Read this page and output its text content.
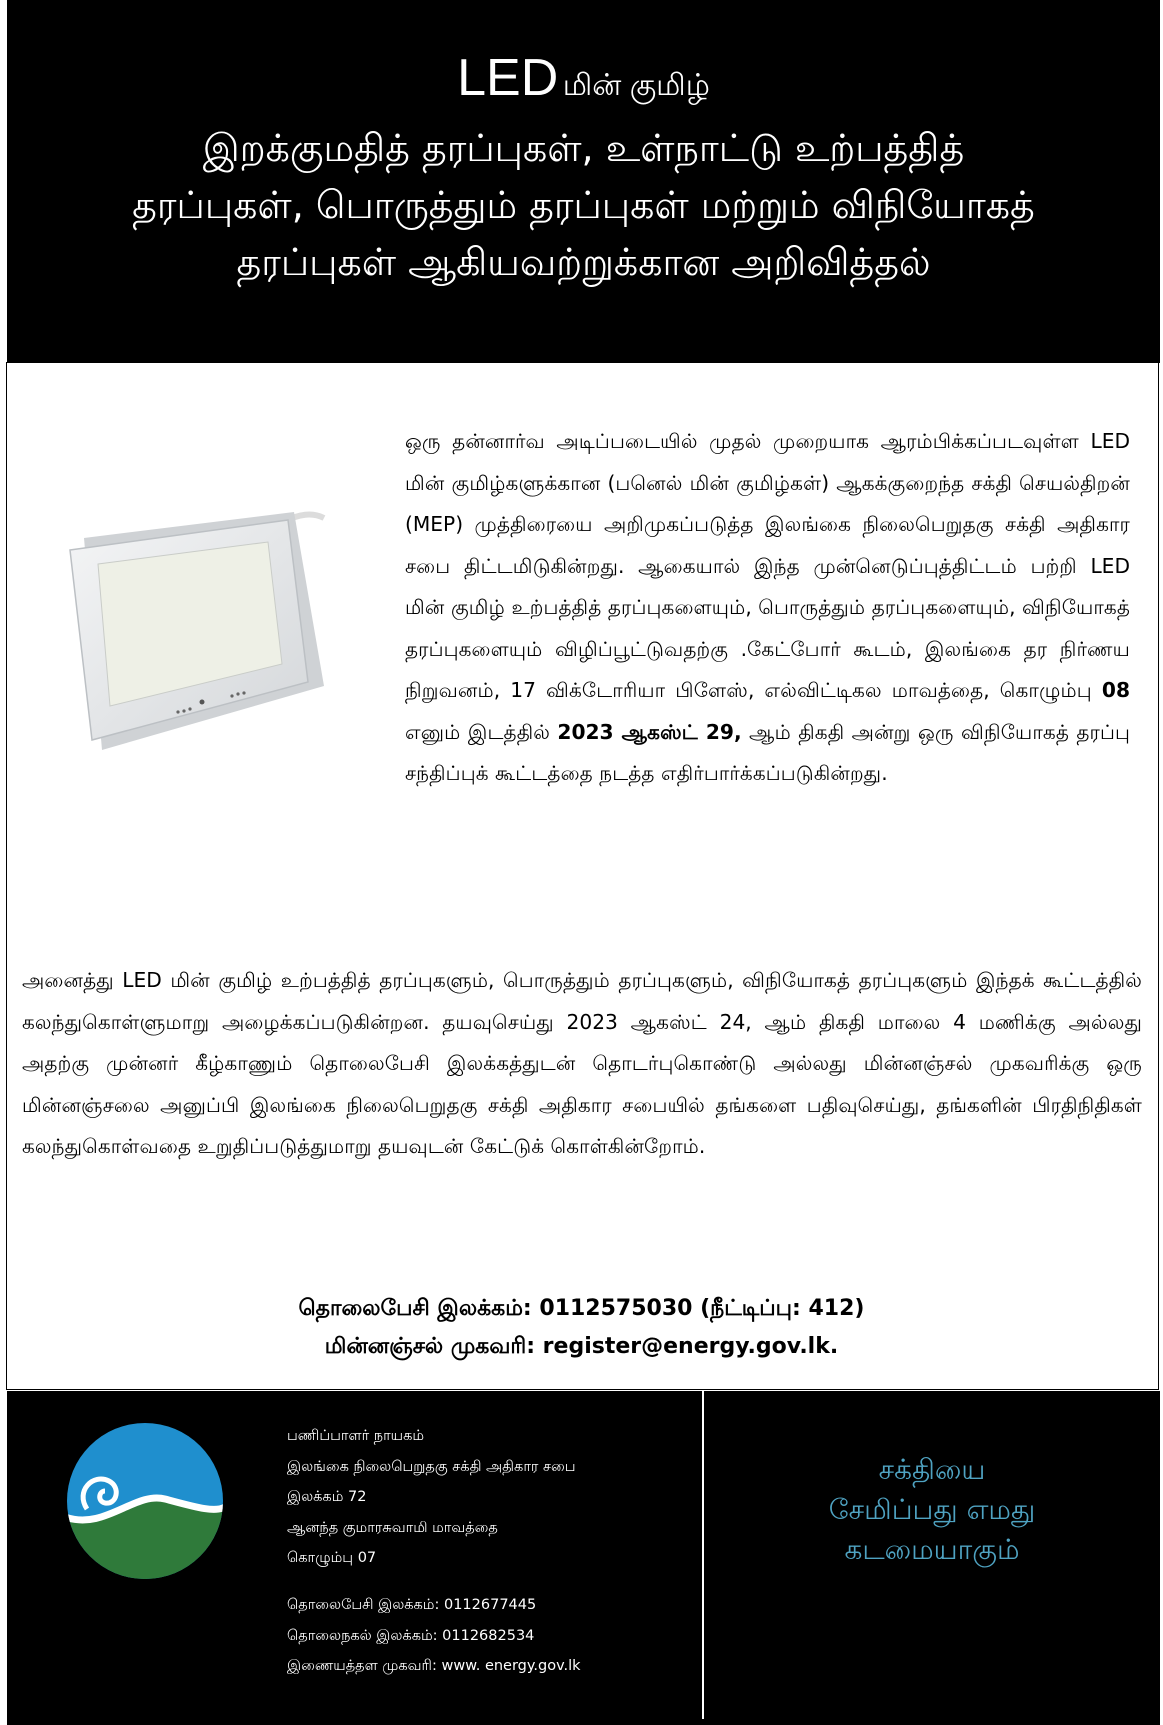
LED மின் குமிழ்
இறக்குமதித் தரப்புகள், உள்நாட்டு உற்பத்தித்
தரப்புகள், பொருத்தும் தரப்புகள் மற்றும் விநியோகத்
தரப்புகள் ஆகியவற்றுக்கான அறிவித்தல்
ஒரு தன்னார்வ அடிப்படையில் முதல் முறையாக ஆரம்பிக்கப்படவுள்ள LED மின் குமிழ்களுக்கான (பனெல் மின் குமிழ்கள்) ஆகக்குறைந்த சக்தி செயல்திறன் (MEP) முத்திரையை அறிமுகப்படுத்த இலங்கை நிலைபெறுதகு சக்தி அதிகார சபை திட்டமிடுகின்றது. ஆகையால் இந்த முன்னெடுப்புத்திட்டம் பற்றி LED மின் குமிழ் உற்பத்தித் தரப்புகளையும், பொருத்தும் தரப்புகளையும், விநியோகத் தரப்புகளையும் விழிப்பூட்டுவதற்கு .கேட்போர் கூடம், இலங்கை தர நிர்ணய நிறுவனம், 17 விக்டோரியா பிளேஸ், எல்விட்டிகல மாவத்தை, கொழும்பு 08 எனும் இடத்தில் 2023 ஆகஸ்ட் 29, ஆம் திகதி அன்று ஒரு விநியோகத் தரப்பு சந்திப்புக் கூட்டத்தை நடத்த எதிர்பார்க்கப்படுகின்றது.
அனைத்து LED மின் குமிழ் உற்பத்தித் தரப்புகளும், பொருத்தும் தரப்புகளும், விநியோகத் தரப்புகளும் இந்தக் கூட்டத்தில் கலந்துகொள்ளுமாறு அழைக்கப்படுகின்றன. தயவுசெய்து 2023 ஆகஸ்ட் 24, ஆம் திகதி மாலை 4 மணிக்கு அல்லது அதற்கு முன்னர் கீழ்காணும் தொலைபேசி இலக்கத்துடன் தொடர்புகொண்டு அல்லது மின்னஞ்சல் முகவரிக்கு ஒரு மின்னஞ்சலை அனுப்பி இலங்கை நிலைபெறுதகு சக்தி அதிகார சபையில் தங்களை பதிவுசெய்து, தங்களின் பிரதிநிதிகள் கலந்துகொள்வதை உறுதிப்படுத்துமாறு தயவுடன் கேட்டுக் கொள்கின்றோம்.
தொலைபேசி இலக்கம்: 0112575030 (நீட்டிப்பு: 412)
மின்னஞ்சல் முகவரி: register@energy.gov.lk.
பணிப்பாளர் நாயகம்
இலங்கை நிலைபெறுதகு சக்தி அதிகார சபை
இலக்கம் 72
ஆனந்த குமாரசுவாமி மாவத்தை
கொழும்பு 07
தொலைபேசி இலக்கம்: 0112677445
தொலைநகல் இலக்கம்: 0112682534
இணையத்தள முகவரி: www. energy.gov.lk
சக்தியை
சேமிப்பது எமது
கடமையாகும்
